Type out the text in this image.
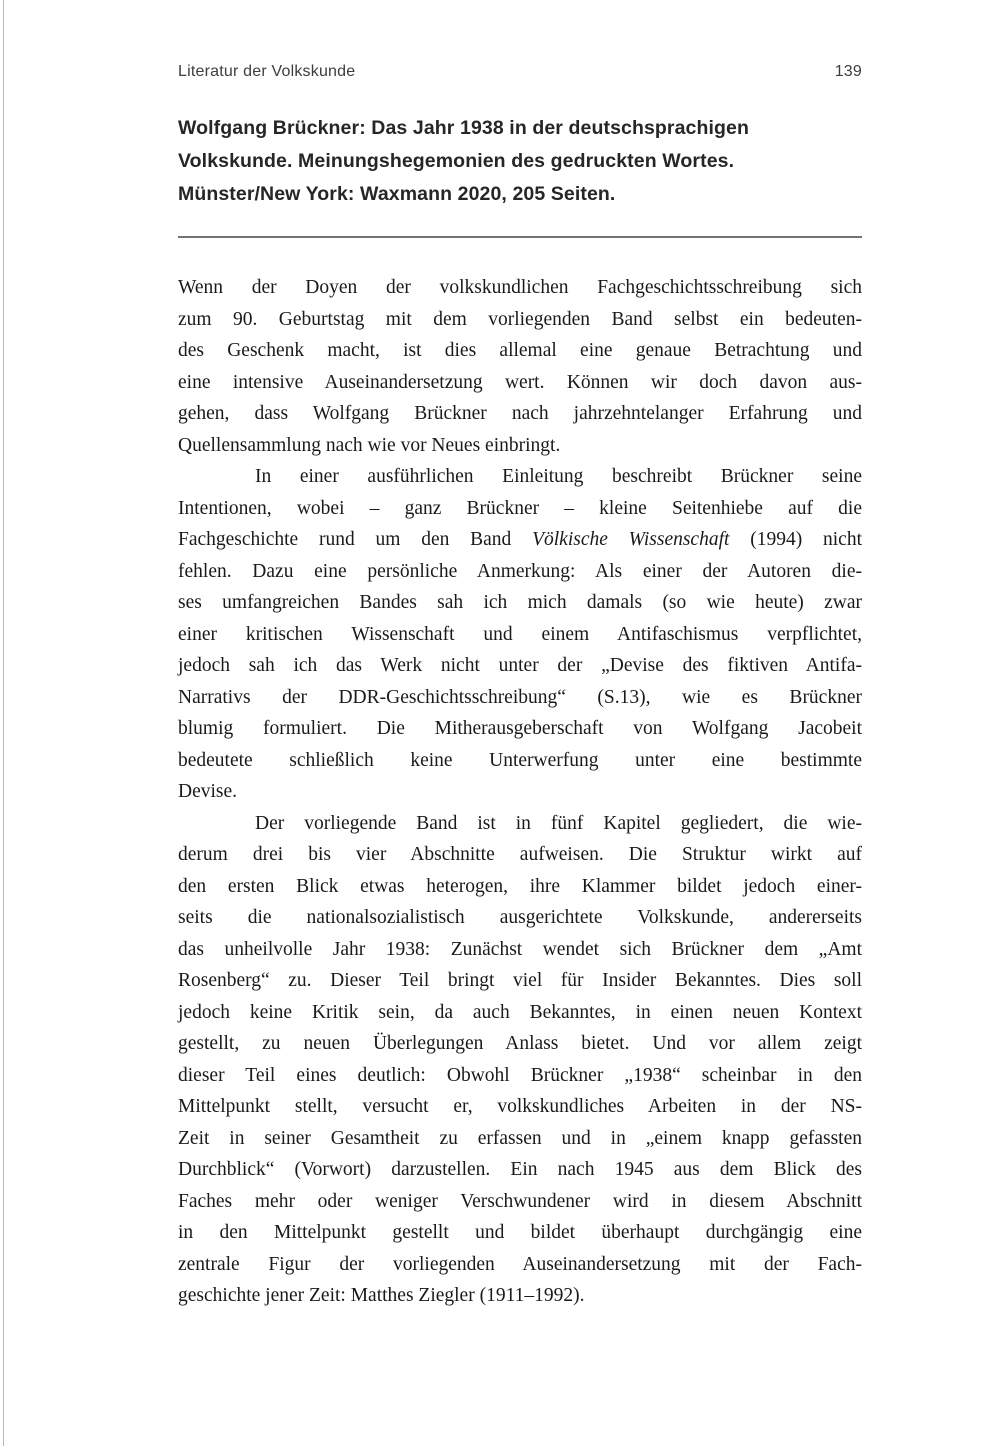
Literatur der Volkskunde	139
Wolfgang Brückner: Das Jahr 1938 in der deutschsprachigen
Volkskunde. Meinungshegemonien des gedruckten Wortes.
Münster/New York: Waxmann 2020, 205 Seiten.
Wenn der Doyen der volkskundlichen Fachgeschichtsschreibung sich
zum 90. Geburtstag mit dem vorliegenden Band selbst ein bedeuten-
des Geschenk macht, ist dies allemal eine genaue Betrachtung und
eine intensive Auseinandersetzung wert. Können wir doch davon aus-
gehen, dass Wolfgang Brückner nach jahrzehntelanger Erfahrung und
Quellensammlung nach wie vor Neues einbringt.
In einer ausführlichen Einleitung beschreibt Brückner seine
Intentionen, wobei – ganz Brückner – kleine Seitenhiebe auf die
Fachgeschichte rund um den Band Völkische Wissenschaft (1994) nicht
fehlen. Dazu eine persönliche Anmerkung: Als einer der Autoren die-
ses umfangreichen Bandes sah ich mich damals (so wie heute) zwar
einer kritischen Wissenschaft und einem Antifaschismus verpflichtet,
jedoch sah ich das Werk nicht unter der „Devise des fiktiven Antifa-
Narrativs der DDR-Geschichtsschreibung“ (S.13), wie es Brückner
blumig formuliert. Die Mitherausgeberschaft von Wolfgang Jacobeit
bedeutete schließlich keine Unterwerfung unter eine bestimmte
Devise.
Der vorliegende Band ist in fünf Kapitel gegliedert, die wie-
derum drei bis vier Abschnitte aufweisen. Die Struktur wirkt auf
den ersten Blick etwas heterogen, ihre Klammer bildet jedoch einer-
seits die nationalsozialistisch ausgerichtete Volkskunde, andererseits
das unheilvolle Jahr 1938: Zunächst wendet sich Brückner dem „Amt
Rosenberg“ zu. Dieser Teil bringt viel für Insider Bekanntes. Dies soll
jedoch keine Kritik sein, da auch Bekanntes, in einen neuen Kontext
gestellt, zu neuen Überlegungen Anlass bietet. Und vor allem zeigt
dieser Teil eines deutlich: Obwohl Brückner „1938“ scheinbar in den
Mittelpunkt stellt, versucht er, volkskundliches Arbeiten in der NS-
Zeit in seiner Gesamtheit zu erfassen und in „einem knapp gefassten
Durchblick“ (Vorwort) darzustellen. Ein nach 1945 aus dem Blick des
Faches mehr oder weniger Verschwundener wird in diesem Abschnitt
in den Mittelpunkt gestellt und bildet überhaupt durchgängig eine
zentrale Figur der vorliegenden Auseinandersetzung mit der Fach-
geschichte jener Zeit: Matthes Ziegler (1911–1992).
